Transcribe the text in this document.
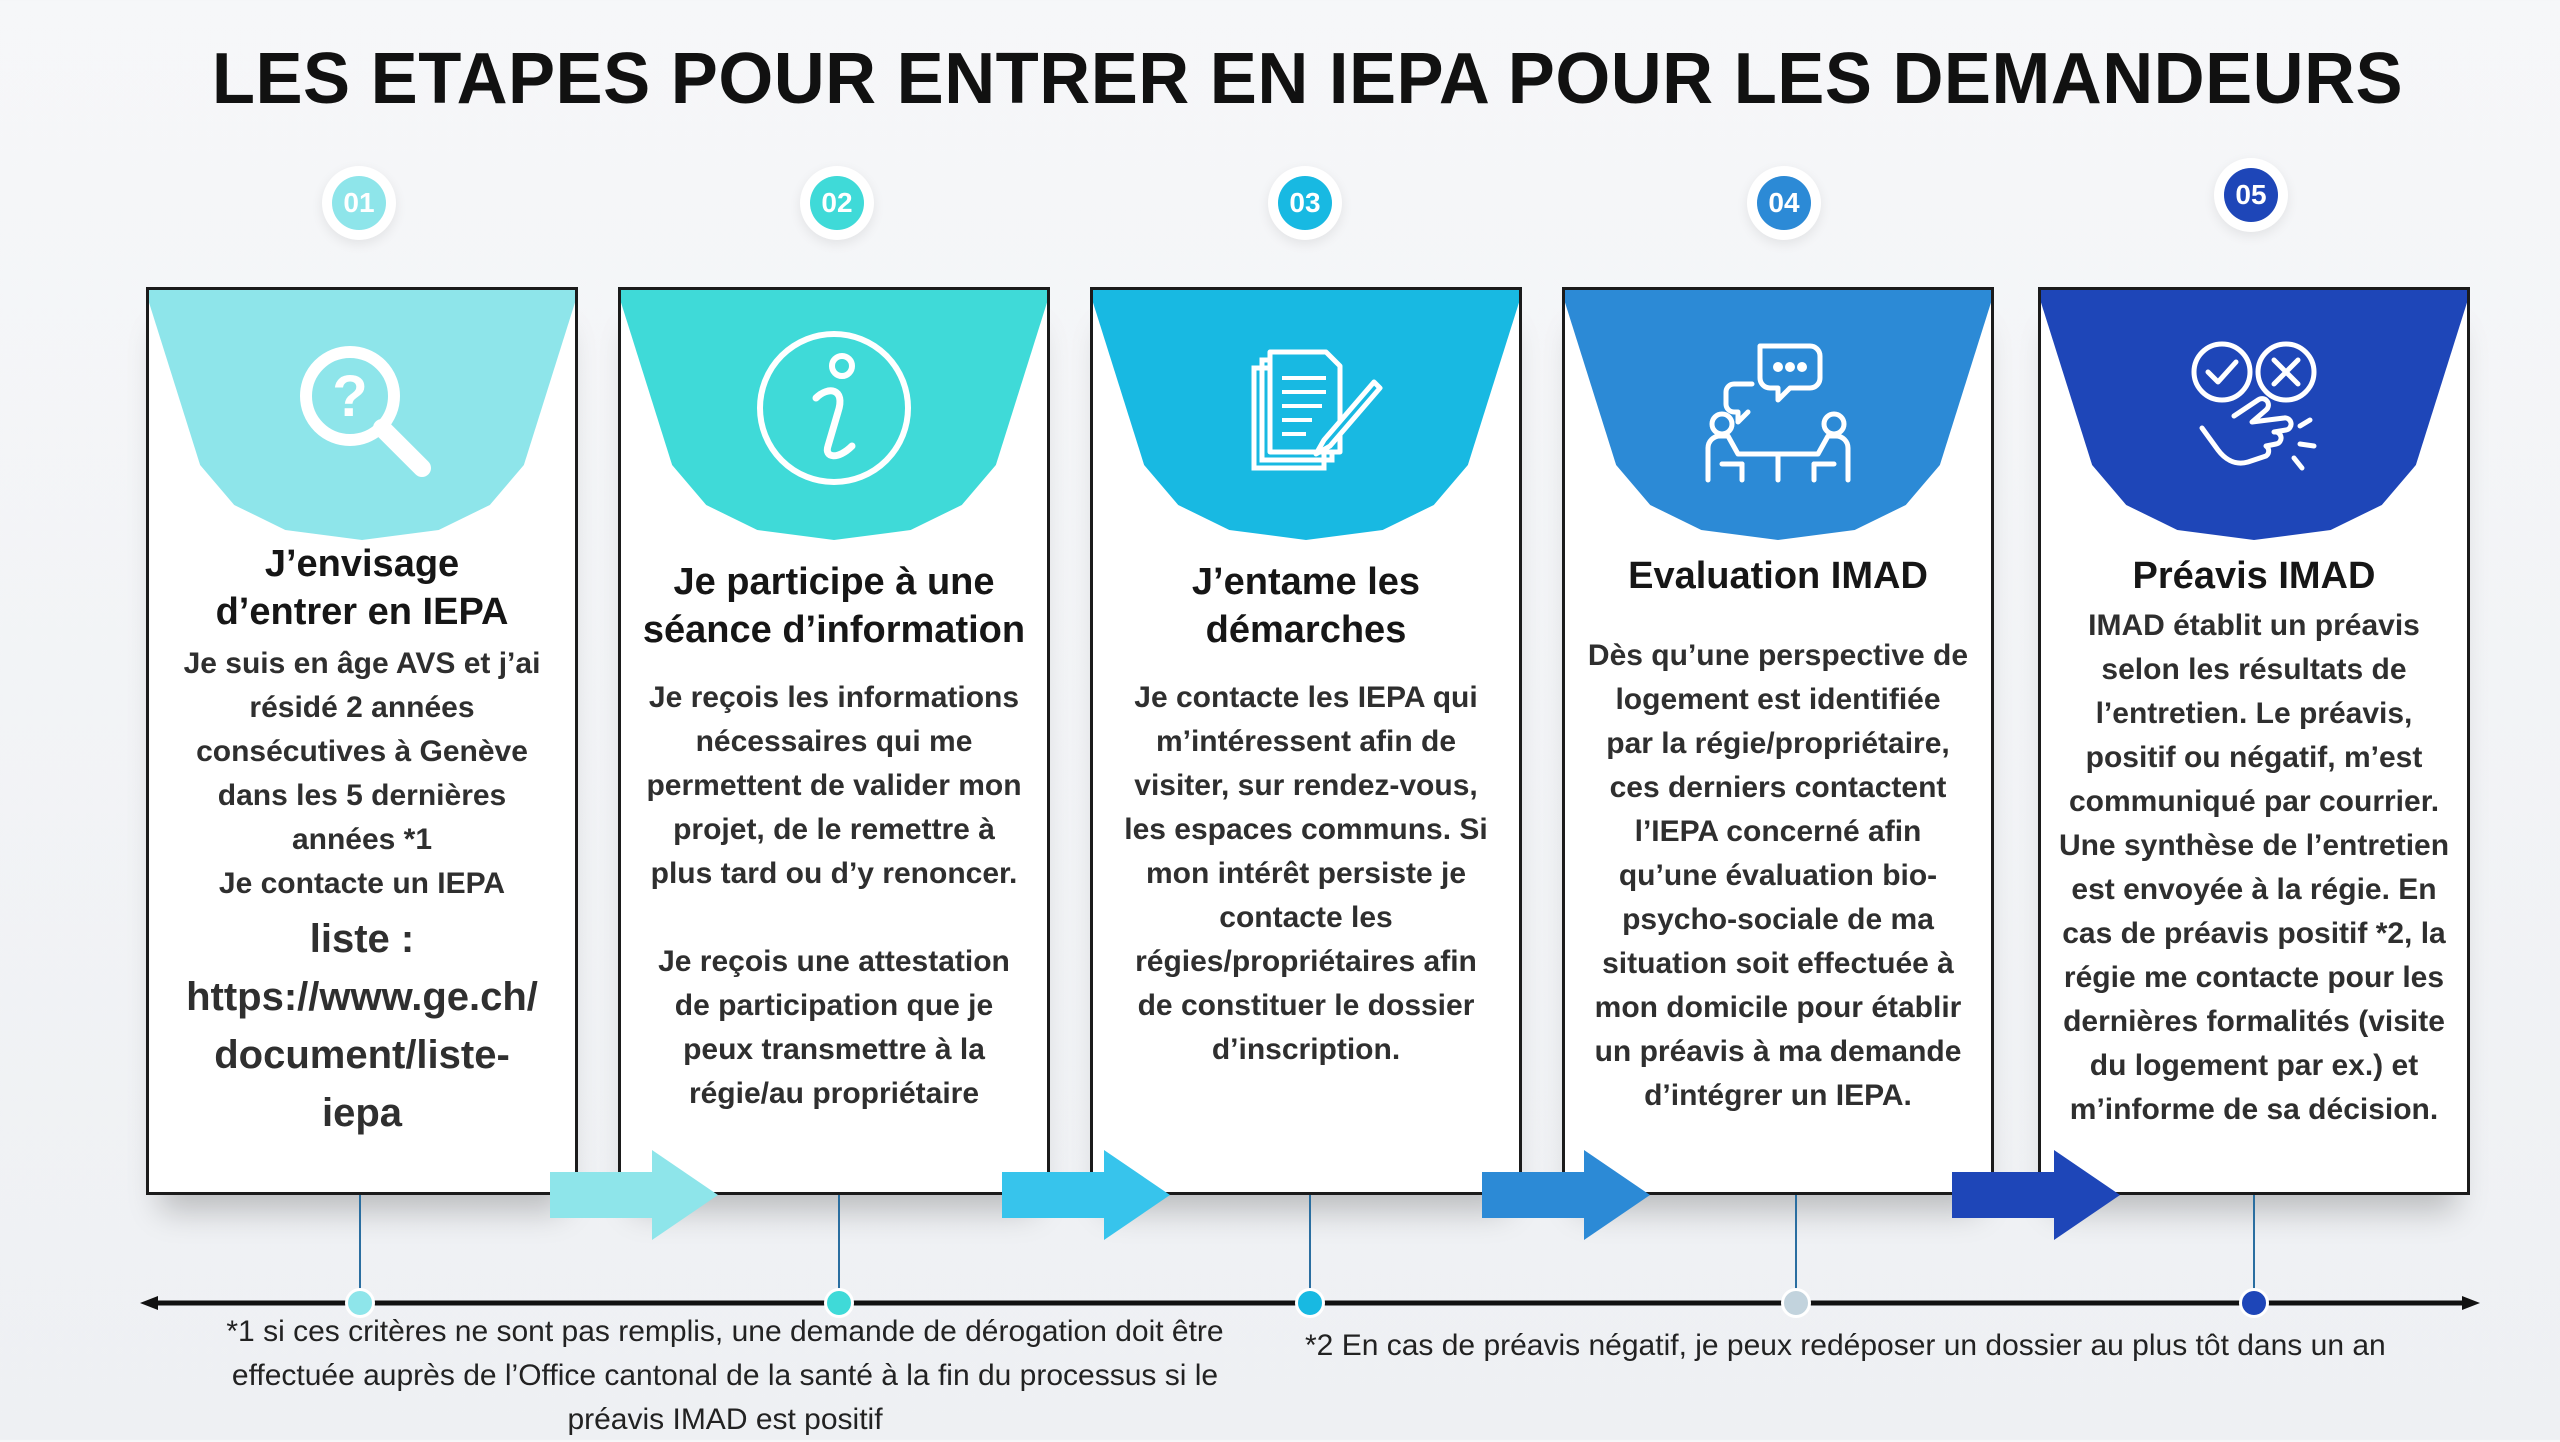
LES ETAPES POUR ENTRER EN IEPA POUR LES DEMANDEURS
01	02	03	04	05
?
J’envisage
d’entrer en IEPA
Je suis en âge AVS et j’ai
résidé 2 années
consécutives à Genève
dans les 5 dernières
années *1
Je contacte un IEPA
liste :
https://www.ge.ch/
document/liste-
iepa
Je participe à une
séance d’information
Je reçois les informations
nécessaires qui me
permettent de valider mon
projet, de le remettre à
plus tard ou d’y renoncer.
Je reçois une attestation
de participation que je
peux transmettre à la
régie/au propriétaire
J’entame les
démarches
Je contacte les IEPA qui
m’intéressent afin de
visiter, sur rendez-vous,
les espaces communs. Si
mon intérêt persiste je
contacte les
régies/propriétaires afin
de constituer le dossier
d’inscription.
Evaluation IMAD
Dès qu’une perspective de
logement est identifiée
par la régie/propriétaire,
ces derniers contactent
l’IEPA concerné afin
qu’une évaluation bio-
psycho-sociale de ma
situation soit effectuée à
mon domicile pour établir
un préavis à ma demande
d’intégrer un IEPA.
Préavis IMAD
IMAD établit un préavis
selon les résultats de
l’entretien. Le préavis,
positif ou négatif, m’est
communiqué par courrier.
Une synthèse de l’entretien
est envoyée à la régie. En
cas de préavis positif *2, la
régie me contacte pour les
dernières formalités (visite
du logement par ex.) et
m’informe de sa décision.
*1 si ces critères ne sont pas remplis, une demande de dérogation doit être
effectuée auprès de l’Office cantonal de la santé à la fin du processus si le
préavis IMAD est positif
*2 En cas de préavis négatif, je peux redéposer un dossier au plus tôt dans un an
